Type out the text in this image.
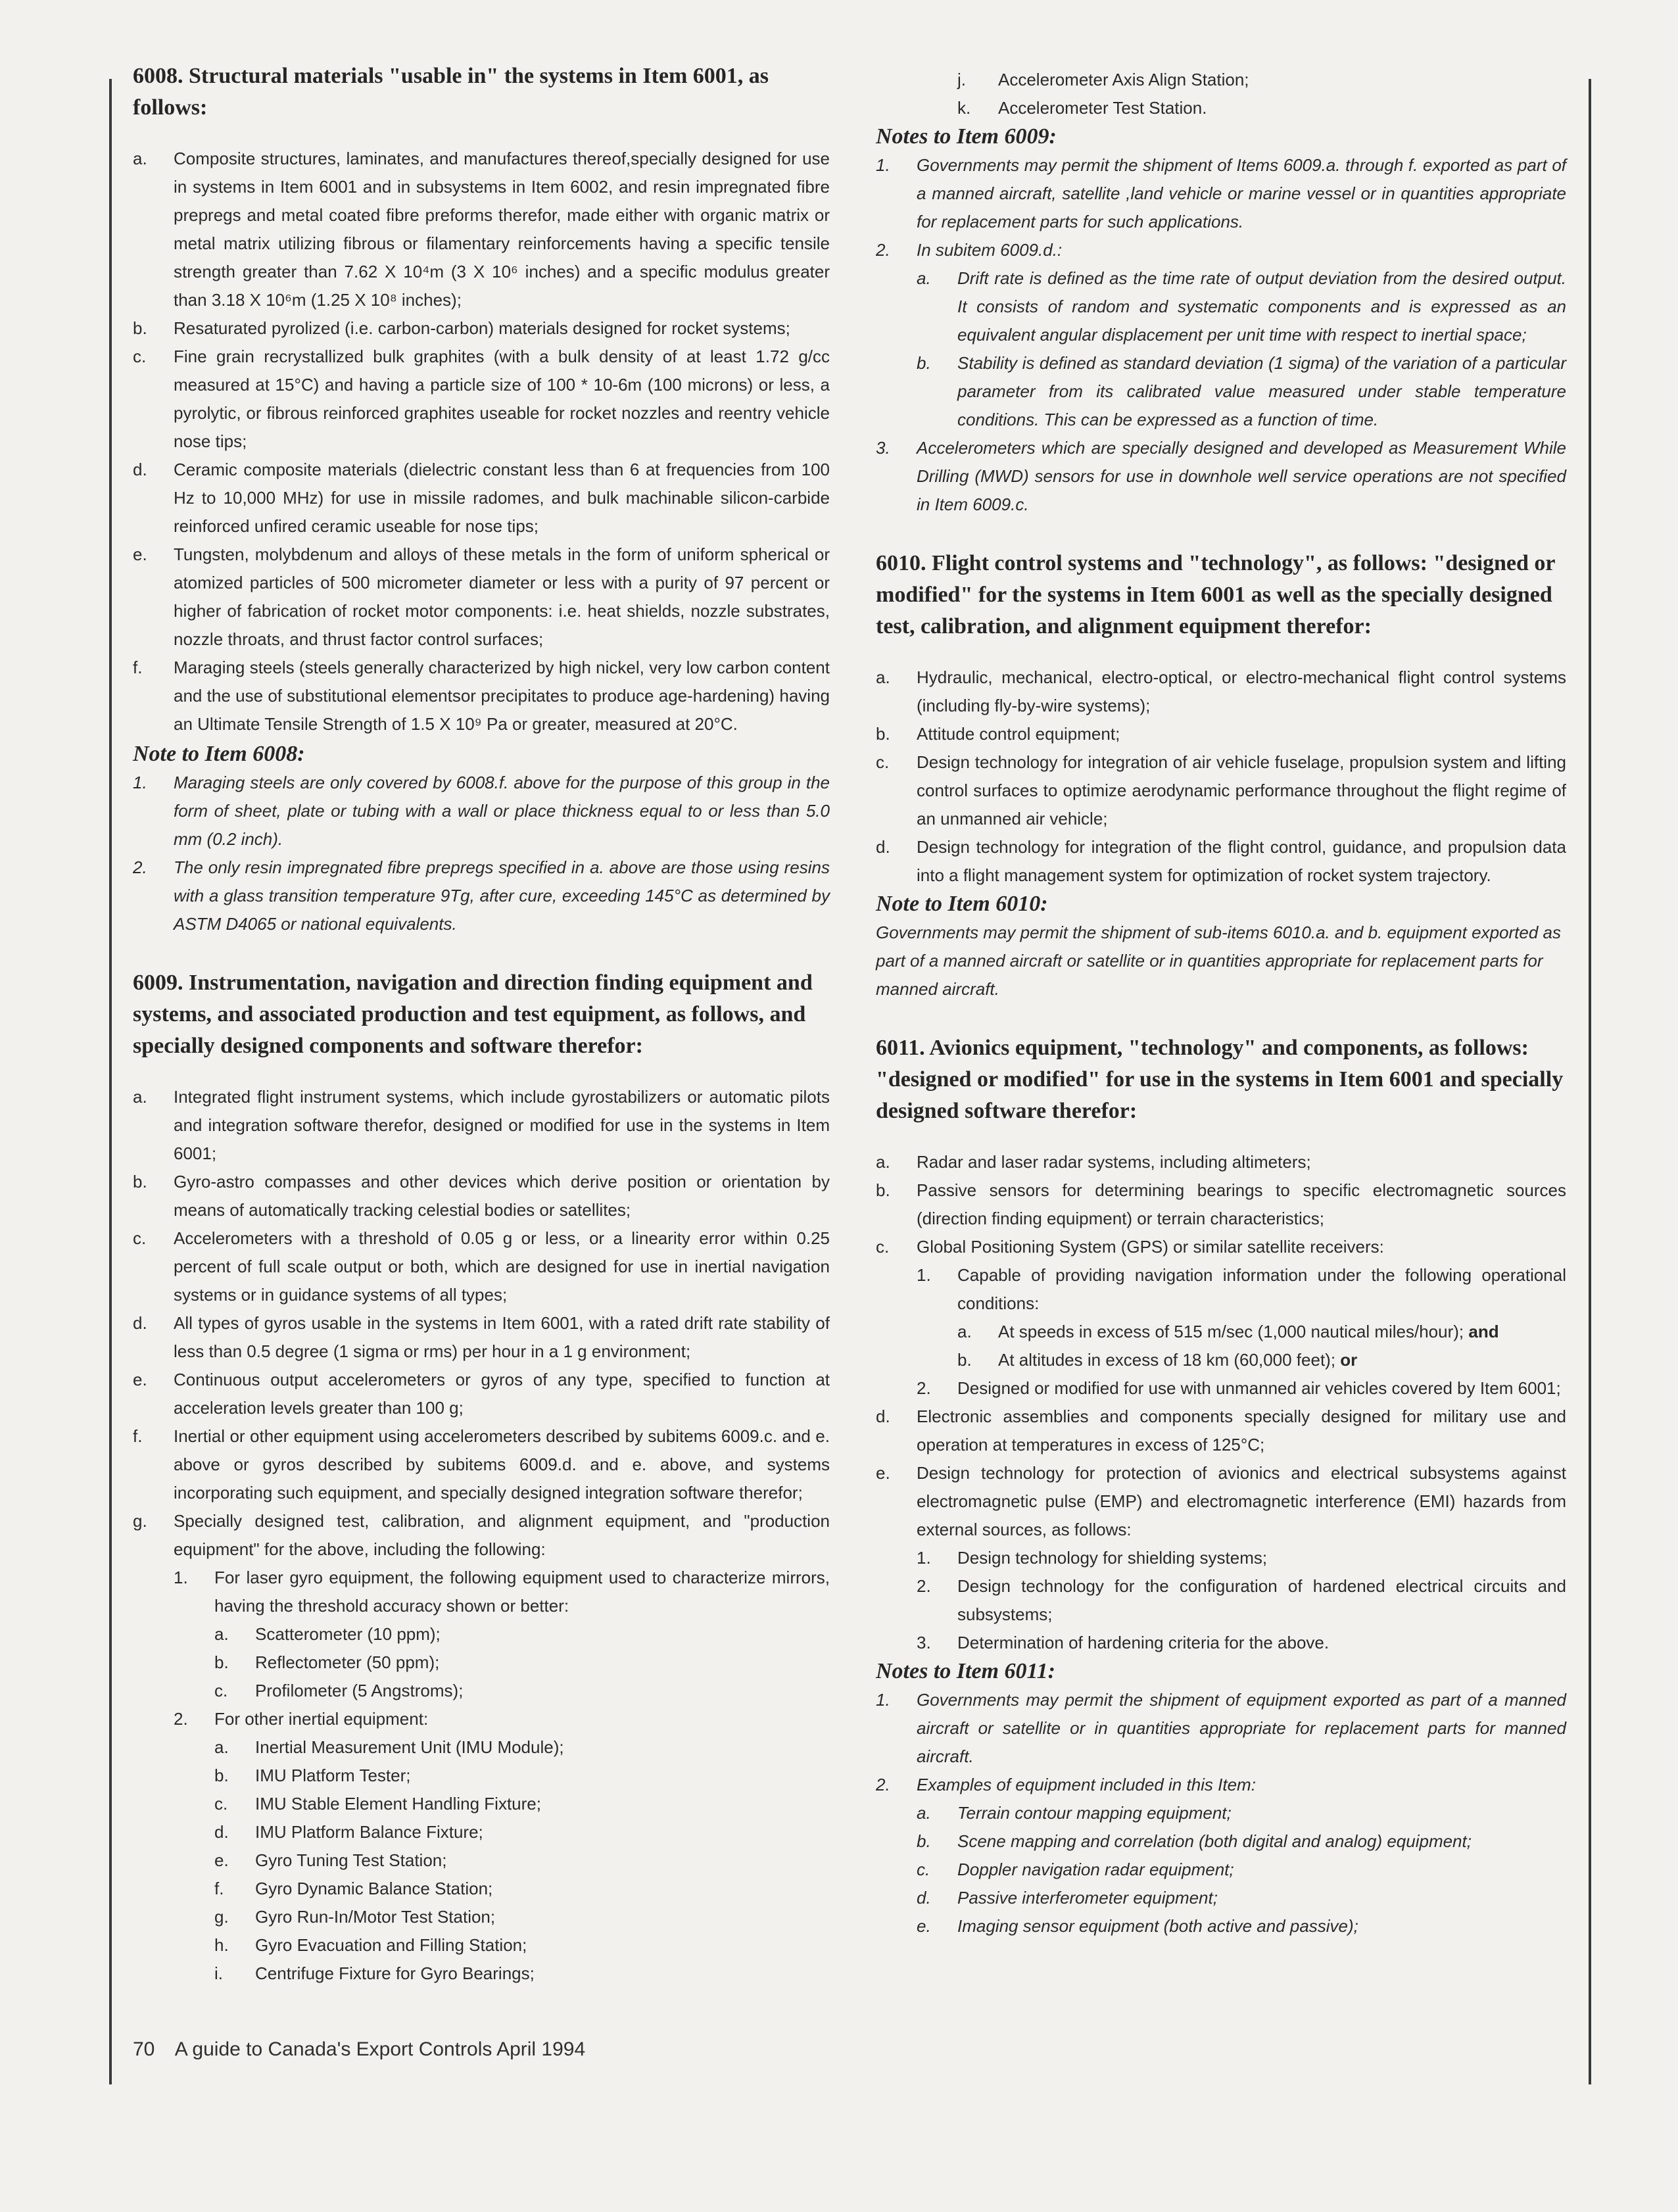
6008. Structural materials "usable in" the systems in Item 6001, as follows:
a. Composite structures, laminates, and manufactures thereof,specially designed for use in systems in Item 6001 and in subsystems in Item 6002, and resin impregnated fibre prepregs and metal coated fibre preforms therefor, made either with organic matrix or metal matrix utilizing fibrous or filamentary reinforcements having a specific tensile strength greater than 7.62 X 10⁴m (3 X 10⁶ inches) and a specific modulus greater than 3.18 X 10⁶m (1.25 X 10⁸ inches);
b. Resaturated pyrolized (i.e. carbon-carbon) materials designed for rocket systems;
c. Fine grain recrystallized bulk graphites (with a bulk density of at least 1.72 g/cc measured at 15°C) and having a particle size of 100 * 10-6m (100 microns) or less, a pyrolytic, or fibrous reinforced graphites useable for rocket nozzles and reentry vehicle nose tips;
d. Ceramic composite materials (dielectric constant less than 6 at frequencies from 100 Hz to 10,000 MHz) for use in missile radomes, and bulk machinable silicon-carbide reinforced unfired ceramic useable for nose tips;
e. Tungsten, molybdenum and alloys of these metals in the form of uniform spherical or atomized particles of 500 micrometer diameter or less with a purity of 97 percent or higher of fabrication of rocket motor components: i.e. heat shields, nozzle substrates, nozzle throats, and thrust factor control surfaces;
f. Maraging steels (steels generally characterized by high nickel, very low carbon content and the use of substitutional elementsor precipitates to produce age-hardening) having an Ultimate Tensile Strength of 1.5 X 10⁹ Pa or greater, measured at 20°C.
Note to Item 6008:
1. Maraging steels are only covered by 6008.f. above for the purpose of this group in the form of sheet, plate or tubing with a wall or place thickness equal to or less than 5.0 mm (0.2 inch).
2. The only resin impregnated fibre prepregs specified in a. above are those using resins with a glass transition temperature 9Tg, after cure, exceeding 145°C as determined by ASTM D4065 or national equivalents.
6009. Instrumentation, navigation and direction finding equipment and systems, and associated production and test equipment, as follows, and specially designed components and software therefor:
a. Integrated flight instrument systems, which include gyrostabilizers or automatic pilots and integration software therefor, designed or modified for use in the systems in Item 6001;
b. Gyro-astro compasses and other devices which derive position or orientation by means of automatically tracking celestial bodies or satellites;
c. Accelerometers with a threshold of 0.05 g or less, or a linearity error within 0.25 percent of full scale output or both, which are designed for use in inertial navigation systems or in guidance systems of all types;
d. All types of gyros usable in the systems in Item 6001, with a rated drift rate stability of less than 0.5 degree (1 sigma or rms) per hour in a 1 g environment;
e. Continuous output accelerometers or gyros of any type, specified to function at acceleration levels greater than 100 g;
f. Inertial or other equipment using accelerometers described by subitems 6009.c. and e. above or gyros described by subitems 6009.d. and e. above, and systems incorporating such equipment, and specially designed integration software therefor;
g. Specially designed test, calibration, and alignment equipment, and "production equipment" for the above, including the following:
1. For laser gyro equipment, the following equipment used to characterize mirrors, having the threshold accuracy shown or better:
a. Scatterometer (10 ppm);
b. Reflectometer (50 ppm);
c. Profilometer (5 Angstroms);
2. For other inertial equipment:
a. Inertial Measurement Unit (IMU Module);
b. IMU Platform Tester;
c. IMU Stable Element Handling Fixture;
d. IMU Platform Balance Fixture;
e. Gyro Tuning Test Station;
f. Gyro Dynamic Balance Station;
g. Gyro Run-In/Motor Test Station;
h. Gyro Evacuation and Filling Station;
i. Centrifuge Fixture for Gyro Bearings;
j. Accelerometer Axis Align Station;
k. Accelerometer Test Station.
Notes to Item 6009:
1. Governments may permit the shipment of Items 6009.a. through f. exported as part of a manned aircraft, satellite ,land vehicle or marine vessel or in quantities appropriate for replacement parts for such applications.
2. In subitem 6009.d.:
a. Drift rate is defined as the time rate of output deviation from the desired output. It consists of random and systematic components and is expressed as an equivalent angular displacement per unit time with respect to inertial space;
b. Stability is defined as standard deviation (1 sigma) of the variation of a particular parameter from its calibrated value measured under stable temperature conditions. This can be expressed as a function of time.
3. Accelerometers which are specially designed and developed as Measurement While Drilling (MWD) sensors for use in downhole well service operations are not specified in Item 6009.c.
6010. Flight control systems and "technology", as follows: "designed or modified" for the systems in Item 6001 as well as the specially designed test, calibration, and alignment equipment therefor:
a. Hydraulic, mechanical, electro-optical, or electro-mechanical flight control systems (including fly-by-wire systems);
b. Attitude control equipment;
c. Design technology for integration of air vehicle fuselage, propulsion system and lifting control surfaces to optimize aerodynamic performance throughout the flight regime of an unmanned air vehicle;
d. Design technology for integration of the flight control, guidance, and propulsion data into a flight management system for optimization of rocket system trajectory.
Note to Item 6010:

Governments may permit the shipment of sub-items 6010.a. and b. equipment exported as part of a manned aircraft or satellite or in quantities appropriate for replacement parts for manned aircraft.

6011. Avionics equipment, "technology" and components, as follows: "designed or modified" for use in the systems in Item 6001 and specially designed software therefor:
a. Radar and laser radar systems, including altimeters;
b. Passive sensors for determining bearings to specific electromagnetic sources (direction finding equipment) or terrain characteristics;
c. Global Positioning System (GPS) or similar satellite receivers:
1. Capable of providing navigation information under the following operational conditions:
a. At speeds in excess of 515 m/sec (1,000 nautical miles/hour); and
b. At altitudes in excess of 18 km (60,000 feet); or
2. Designed or modified for use with unmanned air vehicles covered by Item 6001;
d. Electronic assemblies and components specially designed for military use and operation at temperatures in excess of 125°C;
e. Design technology for protection of avionics and electrical subsystems against electromagnetic pulse (EMP) and electromagnetic interference (EMI) hazards from external sources, as follows:
1. Design technology for shielding systems;
2. Design technology for the configuration of hardened electrical circuits and subsystems;
3. Determination of hardening criteria for the above.
Notes to Item 6011:
1. Governments may permit the shipment of equipment exported as part of a manned aircraft or satellite or in quantities appropriate for replacement parts for manned aircraft.
2. Examples of equipment included in this Item:
a. Terrain contour mapping equipment;
b. Scene mapping and correlation (both digital and analog) equipment;
c. Doppler navigation radar equipment;
d. Passive interferometer equipment;
e. Imaging sensor equipment (both active and passive);
70 A guide to Canada's Export Controls April 1994
